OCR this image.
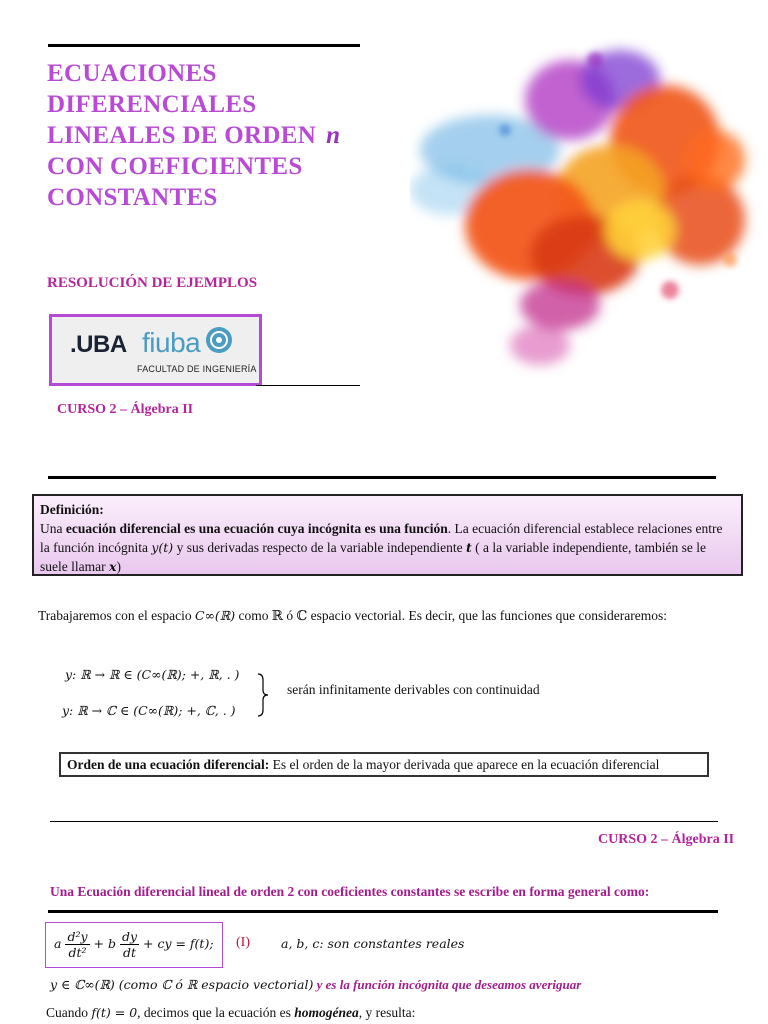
ECUACIONES
DIFERENCIALES
LINEALES DE ORDEN n
CON COEFICIENTES
CONSTANTES
RESOLUCIÓN DE EJEMPLOS
.UBA fiuba
FACULTAD DE INGENIERÍA
CURSO 2 – Álgebra II
Definición:
Una ecuación diferencial es una ecuación cuya incógnita es una función. La ecuación diferencial establece relaciones entre la función incógnita y(t) y sus derivadas respecto de la variable independiente t ( a la variable independiente, también se le suele llamar x)
Trabajaremos con el espacio C∞(ℝ) como ℝ ó ℂ espacio vectorial. Es decir, que las funciones que consideraremos:
y: ℝ → ℝ ∈ (C∞(ℝ); +, ℝ, . )
y: ℝ → ℂ ∈ (C∞(ℝ); +, ℂ, . )
serán infinitamente derivables con continuidad
Orden de una ecuación diferencial: Es el orden de la mayor derivada que aparece en la ecuación diferencial
CURSO 2 – Álgebra II
Una Ecuación diferencial lineal de orden 2 con coeficientes constantes se escribe en forma general como:
a $\frac{\text{d²y}}{\text{dt²}} + b \frac{dy}{dt}$ + cy = f(t); (I) a, b, c: son constantes reales
y ∈ ℂ∞(ℝ) (como ℂ ó ℝ espacio vectorial) y es la función incógnita que deseamos averiguar
Cuando f(t) = 0, decimos que la ecuación es homogénea, y resulta:
